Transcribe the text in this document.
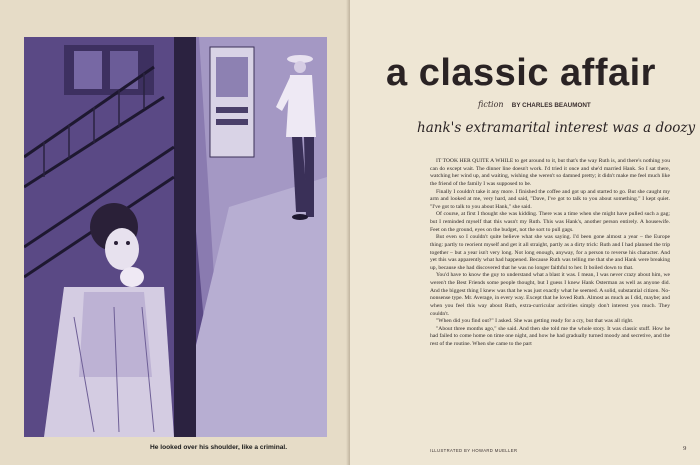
He looked over his shoulder, like a criminal.
a classic affair
fiction BY CHARLES BEAUMONT
hank's extramarital interest was a doozy

IT TOOK HER QUITE A WHILE to get around to it, but that's the way Ruth is, and there's nothing you can do except wait. The dinner line doesn't work. I'd tried it once and she'd married Hank. So I sat there, watching her wind up, and waiting, wishing she weren't so damned pretty; it didn't make me feel much like the friend of the family I was supposed to be.

Finally I couldn't take it any more. I finished the coffee and got up and started to go. But she caught my arm and looked at me, very hard, and said, "Dave, I've got to talk to you about something." I kept quiet. "I've got to talk to you about Hank," she said.

Of course, at first I thought she was kidding. There was a time when she might have pulled such a gag; but I reminded myself that this wasn't my Ruth. This was Hank's, another person entirely. A housewife. Feet on the ground, eyes on the budget, not the sort to pull gags.

But even so I couldn't quite believe what she was saying. I'd been gone almost a year – the Europe thing: partly to reorient myself and get it all straight, partly as a dirty trick: Ruth and I had planned the trip together – but a year isn't very long. Not long enough, anyway, for a person to reverse his character. And yet this was apparently what had happened. Because Ruth was telling me that she and Hank were breaking up, because she had discovered that he was no longer faithful to her. It boiled down to that.

You'd have to know the guy to understand what a blast it was. I mean, I was never crazy about him, we weren't the Best Friends some people thought, but I guess I knew Hank Osterman as well as anyone did. And the biggest thing I knew was that he was just exactly what he seemed. A solid, substantial citizen. No-nonsense type. Mr. Average, in every way. Except that he loved Ruth. Almost as much as I did, maybe; and when you feel this way about Ruth, extra-curricular activities simply don't interest you much. They couldn't.

"When did you find out?" I asked. She was getting ready for a cry, but that was all right.

"About three months ago," she said. And then she told me the whole story. It was classic stuff. How he had failed to come home on time one night, and how he had gradually turned moody and secretive, and the rest of the routine. When she came to the part

ILLUSTRATED BY HOWARD MUELLER	9
